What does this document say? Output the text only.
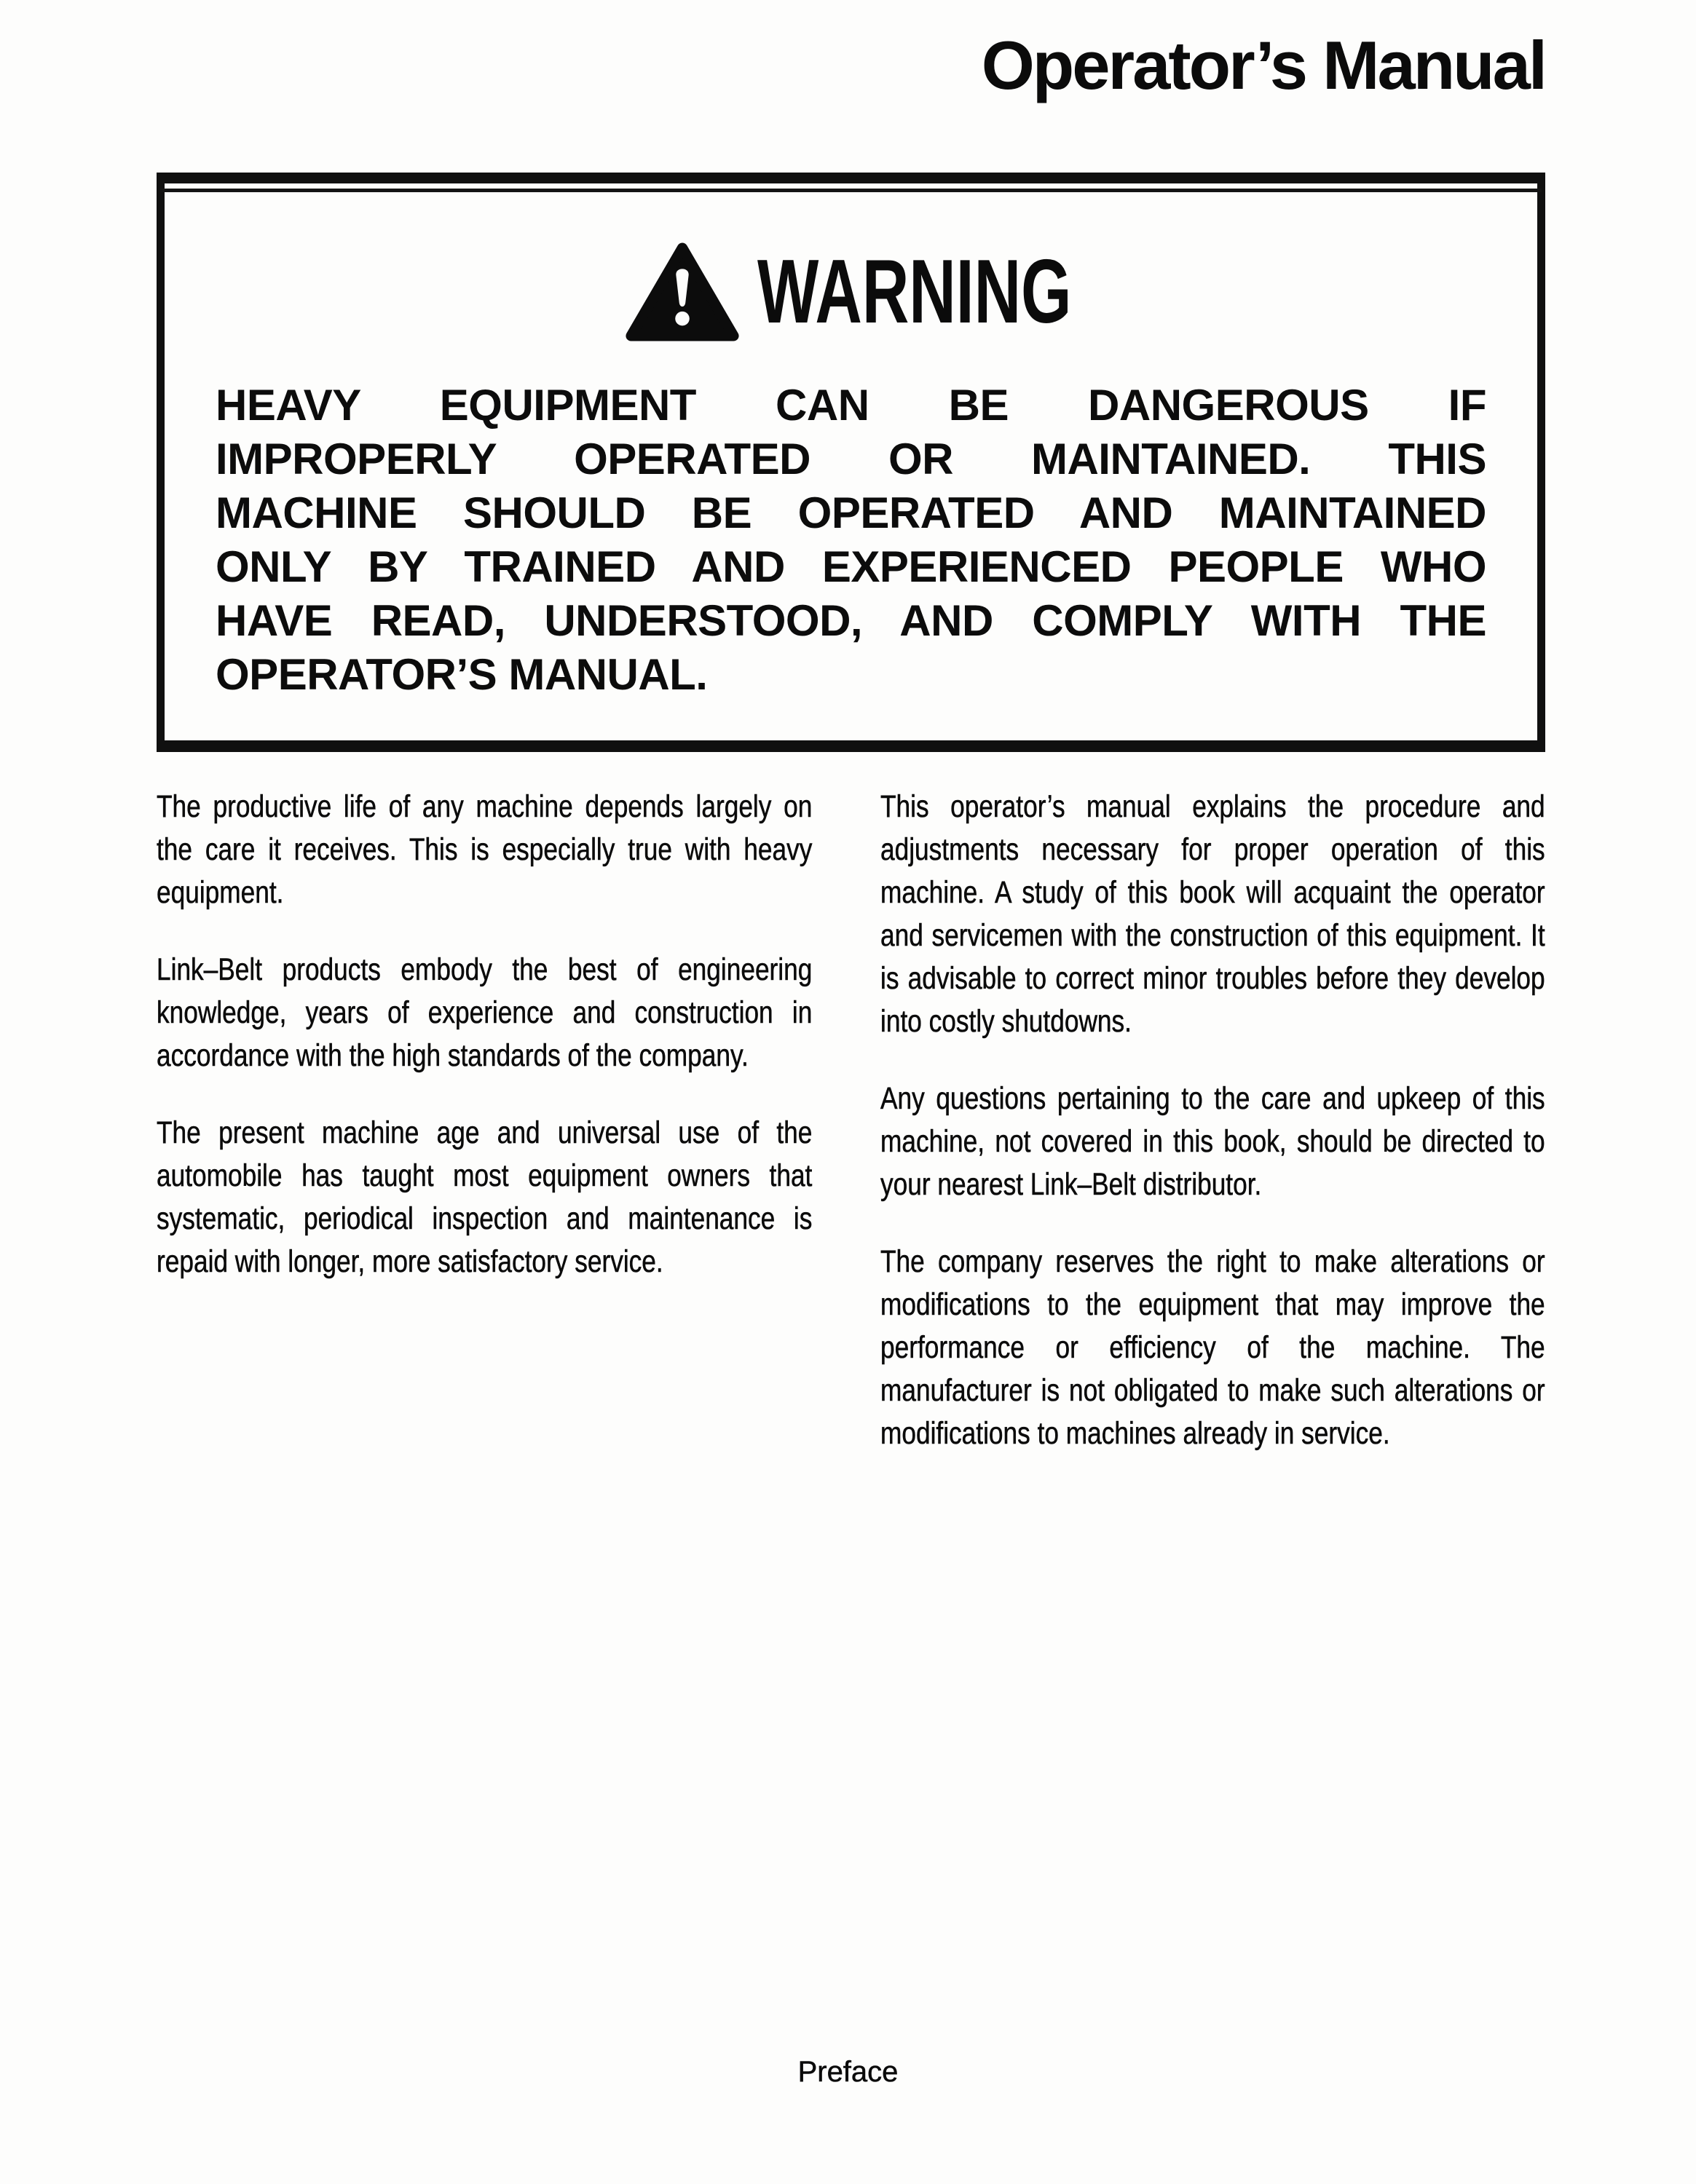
Operator’s Manual
WARNING
HEAVY EQUIPMENT CAN BE DANGEROUS IF
IMPROPERLY OPERATED OR MAINTAINED. THIS
MACHINE SHOULD BE OPERATED AND MAINTAINED
ONLY BY TRAINED AND EXPERIENCED PEOPLE WHO
HAVE READ, UNDERSTOOD, AND COMPLY WITH THE
OPERATOR’S MANUAL.

The productive life of any machine depends largely on the care it receives. This is especially true with heavy equipment.

Link–Belt products embody the best of engineering knowledge, years of experience and construction in accordance with the high standards of the company.

The present machine age and universal use of the automobile has taught most equipment owners that systematic, periodical inspection and maintenance is repaid with longer, more satisfactory service.

This operator’s manual explains the procedure and adjustments necessary for proper operation of this machine. A study of this book will acquaint the operator and servicemen with the construction of this equipment. It is advisable to correct minor troubles before they develop into costly shutdowns.

Any questions pertaining to the care and upkeep of this machine, not covered in this book, should be directed to your nearest Link–Belt distributor.

The company reserves the right to make alterations or modifications to the equipment that may improve the performance or efficiency of the machine. The manufacturer is not obligated to make such alterations or modifications to machines already in service.

Preface
